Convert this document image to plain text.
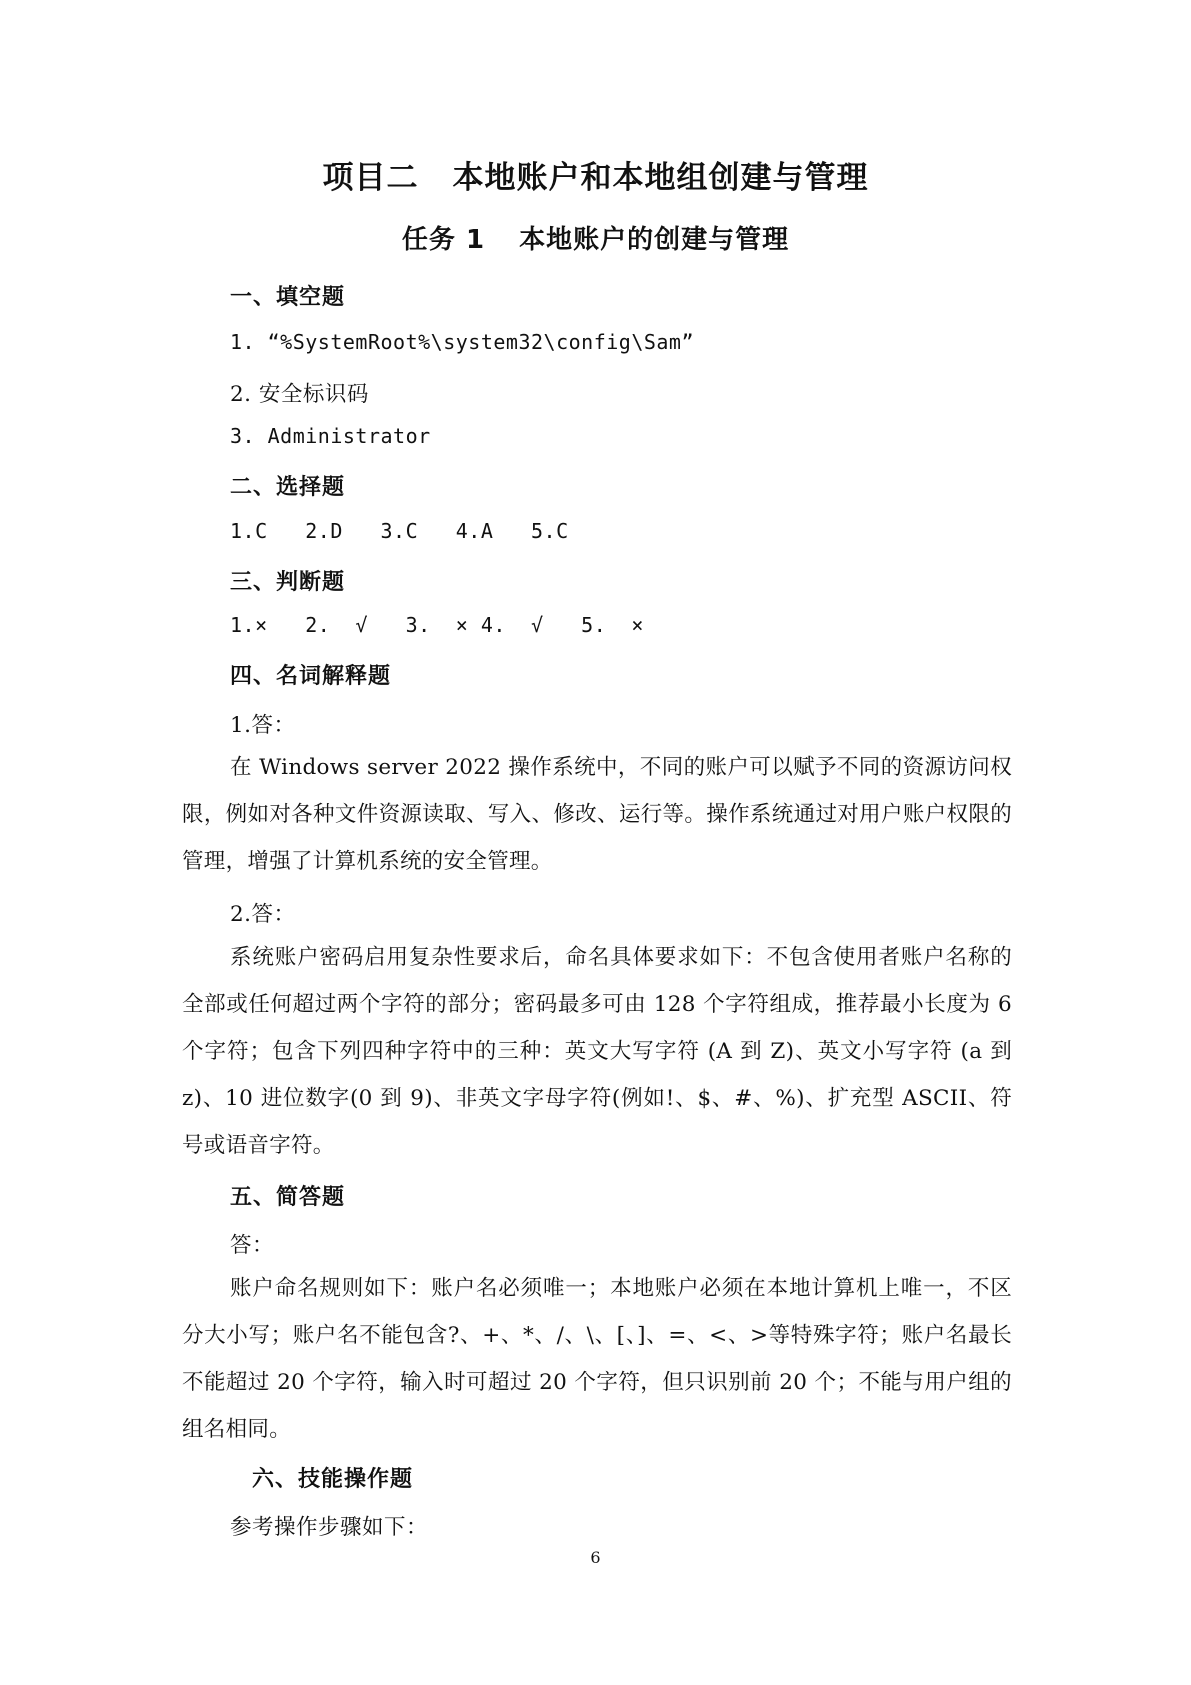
项目二 本地账户和本地组创建与管理
任务 1 本地账户的创建与管理
一、填空题
1. “%SystemRoot%\system32\config\Sam”
2. 安全标识码
3. Administrator
二、选择题
1.C   2.D   3.C   4.A   5.C
三、判断题
1.×   2.  √   3.  × 4.  √   5.  ×
四、名词解释题
1.答：
在 Windows server 2022 操作系统中，不同的账户可以赋予不同的资源访问权限，例如对各种文件资源读取、写入、修改、运行等。操作系统通过对用户账户权限的管理，增强了计算机系统的安全管理。
2.答：
系统账户密码启用复杂性要求后，命名具体要求如下：不包含使用者账户名称的全部或任何超过两个字符的部分；密码最多可由 128 个字符组成，推荐最小长度为 6 个字符；包含下列四种字符中的三种：英文大写字符 (A 到 Z)、英文小写字符 (a 到 z)、10 进位数字(0 到 9)、非英文字母字符(例如!、$、#、%)、扩充型 ASCII、符号或语音字符。
五、简答题
答：
账户命名规则如下：账户名必须唯一；本地账户必须在本地计算机上唯一，不区分大小写；账户名不能包含?、+、*、/、\、[、]、=、<、>等特殊字符；账户名最长不能超过 20 个字符，输入时可超过 20 个字符，但只识别前 20 个；不能与用户组的组名相同。
六、技能操作题
参考操作步骤如下：
6
